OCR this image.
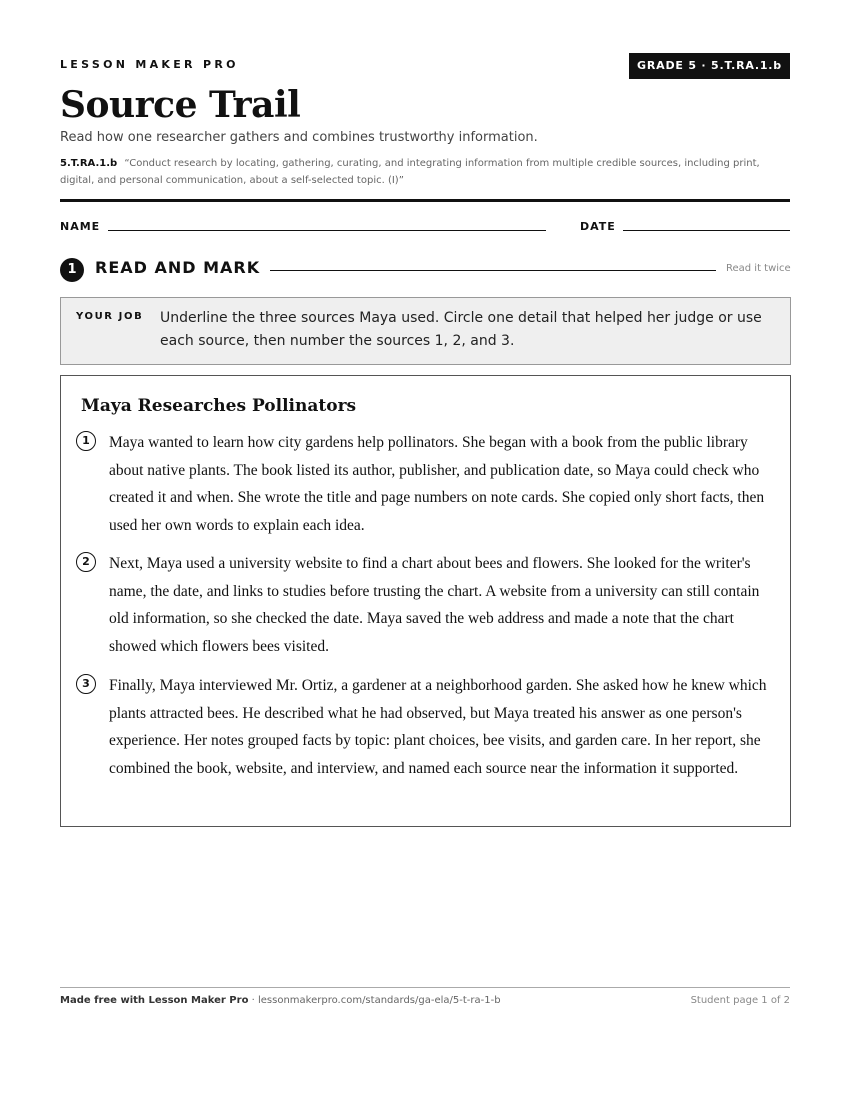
LESSON MAKER PRO	GRADE 5 · 5.T.RA.1.b
Source Trail
Read how one researcher gathers and combines trustworthy information.
5.T.RA.1.b “Conduct research by locating, gathering, curating, and integrating information from multiple credible sources, including print, digital, and personal communication, about a self-selected topic. (I)”
NAME	DATE
1	READ AND MARK	Read it twice
YOUR JOB Underline the three sources Maya used. Circle one detail that helped her judge or use each source, then number the sources 1, 2, and 3.
Maya Researches Pollinators
1	Maya wanted to learn how city gardens help pollinators. She began with a book from the public library about native plants. The book listed its author, publisher, and publication date, so Maya could check who created it and when. She wrote the title and page numbers on note cards. She copied only short facts, then used her own words to explain each idea.
2	Next, Maya used a university website to find a chart about bees and flowers. She looked for the writer's name, the date, and links to studies before trusting the chart. A website from a university can still contain old information, so she checked the date. Maya saved the web address and made a note that the chart showed which flowers bees visited.
3	Finally, Maya interviewed Mr. Ortiz, a gardener at a neighborhood garden. She asked how he knew which plants attracted bees. He described what he had observed, but Maya treated his answer as one person's experience. Her notes grouped facts by topic: plant choices, bee visits, and garden care. In her report, she combined the book, website, and interview, and named each source near the information it supported.
Made free with Lesson Maker Pro · lessonmakerpro.com/standards/ga-ela/5-t-ra-1-b	Student page 1 of 2
